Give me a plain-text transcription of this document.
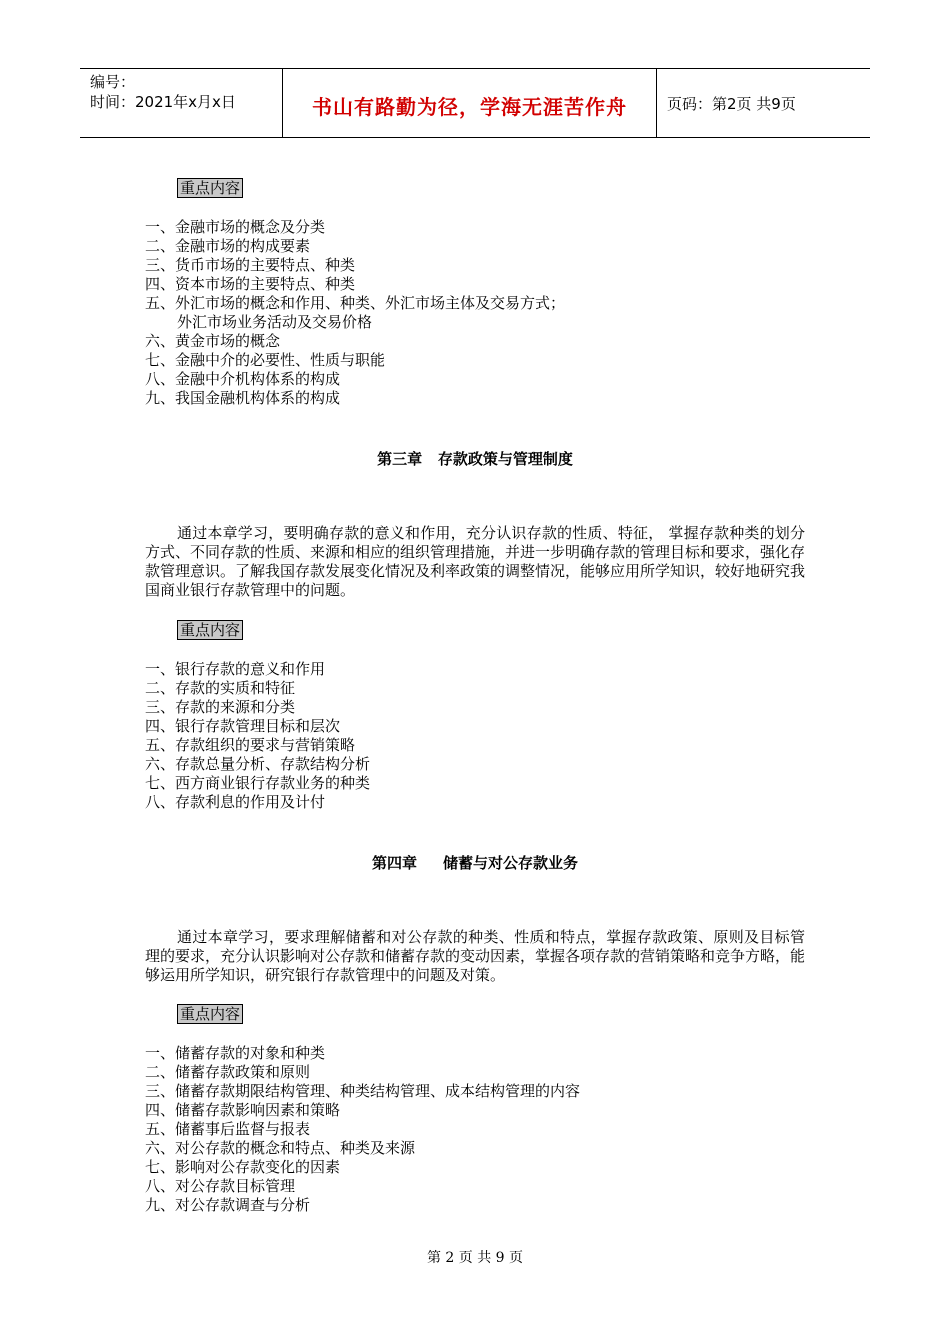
编号：
时间：2021年x月x日	书山有路勤为径，学海无涯苦作舟	页码：第2页 共9页
重点内容
一、金融市场的概念及分类
二、金融市场的构成要素
三、货币市场的主要特点、种类
四、资本市场的主要特点、种类
五、外汇市场的概念和作用、种类、外汇市场主体及交易方式；
外汇市场业务活动及交易价格
六、黄金市场的概念
七、金融中介的必要性、性质与职能
八、金融中介机构体系的构成
九、我国金融机构体系的构成
第三章   存款政策与管理制度
通过本章学习，要明确存款的意义和作用，充分认识存款的性质、特征， 掌握存款种类的划分方式、不同存款的性质、来源和相应的组织管理措施，并进一步明确存款的管理目标和要求，强化存款管理意识。了解我国存款发展变化情况及利率政策的调整情况，能够应用所学知识，较好地研究我国商业银行存款管理中的问题。
重点内容
一、银行存款的意义和作用
二、存款的实质和特征
三、存款的来源和分类
四、银行存款管理目标和层次
五、存款组织的要求与营销策略
六、存款总量分析、存款结构分析
七、西方商业银行存款业务的种类
八、存款利息的作用及计付
第四章     储蓄与对公存款业务
通过本章学习，要求理解储蓄和对公存款的种类、性质和特点，掌握存款政策、原则及目标管理的要求，充分认识影响对公存款和储蓄存款的变动因素，掌握各项存款的营销策略和竞争方略，能够运用所学知识，研究银行存款管理中的问题及对策。
重点内容
一、储蓄存款的对象和种类
二、储蓄存款政策和原则
三、储蓄存款期限结构管理、种类结构管理、成本结构管理的内容
四、储蓄存款影响因素和策略
五、储蓄事后监督与报表
六、对公存款的概念和特点、种类及来源
七、影响对公存款变化的因素
八、对公存款目标管理
九、对公存款调查与分析
第 2 页 共 9 页
